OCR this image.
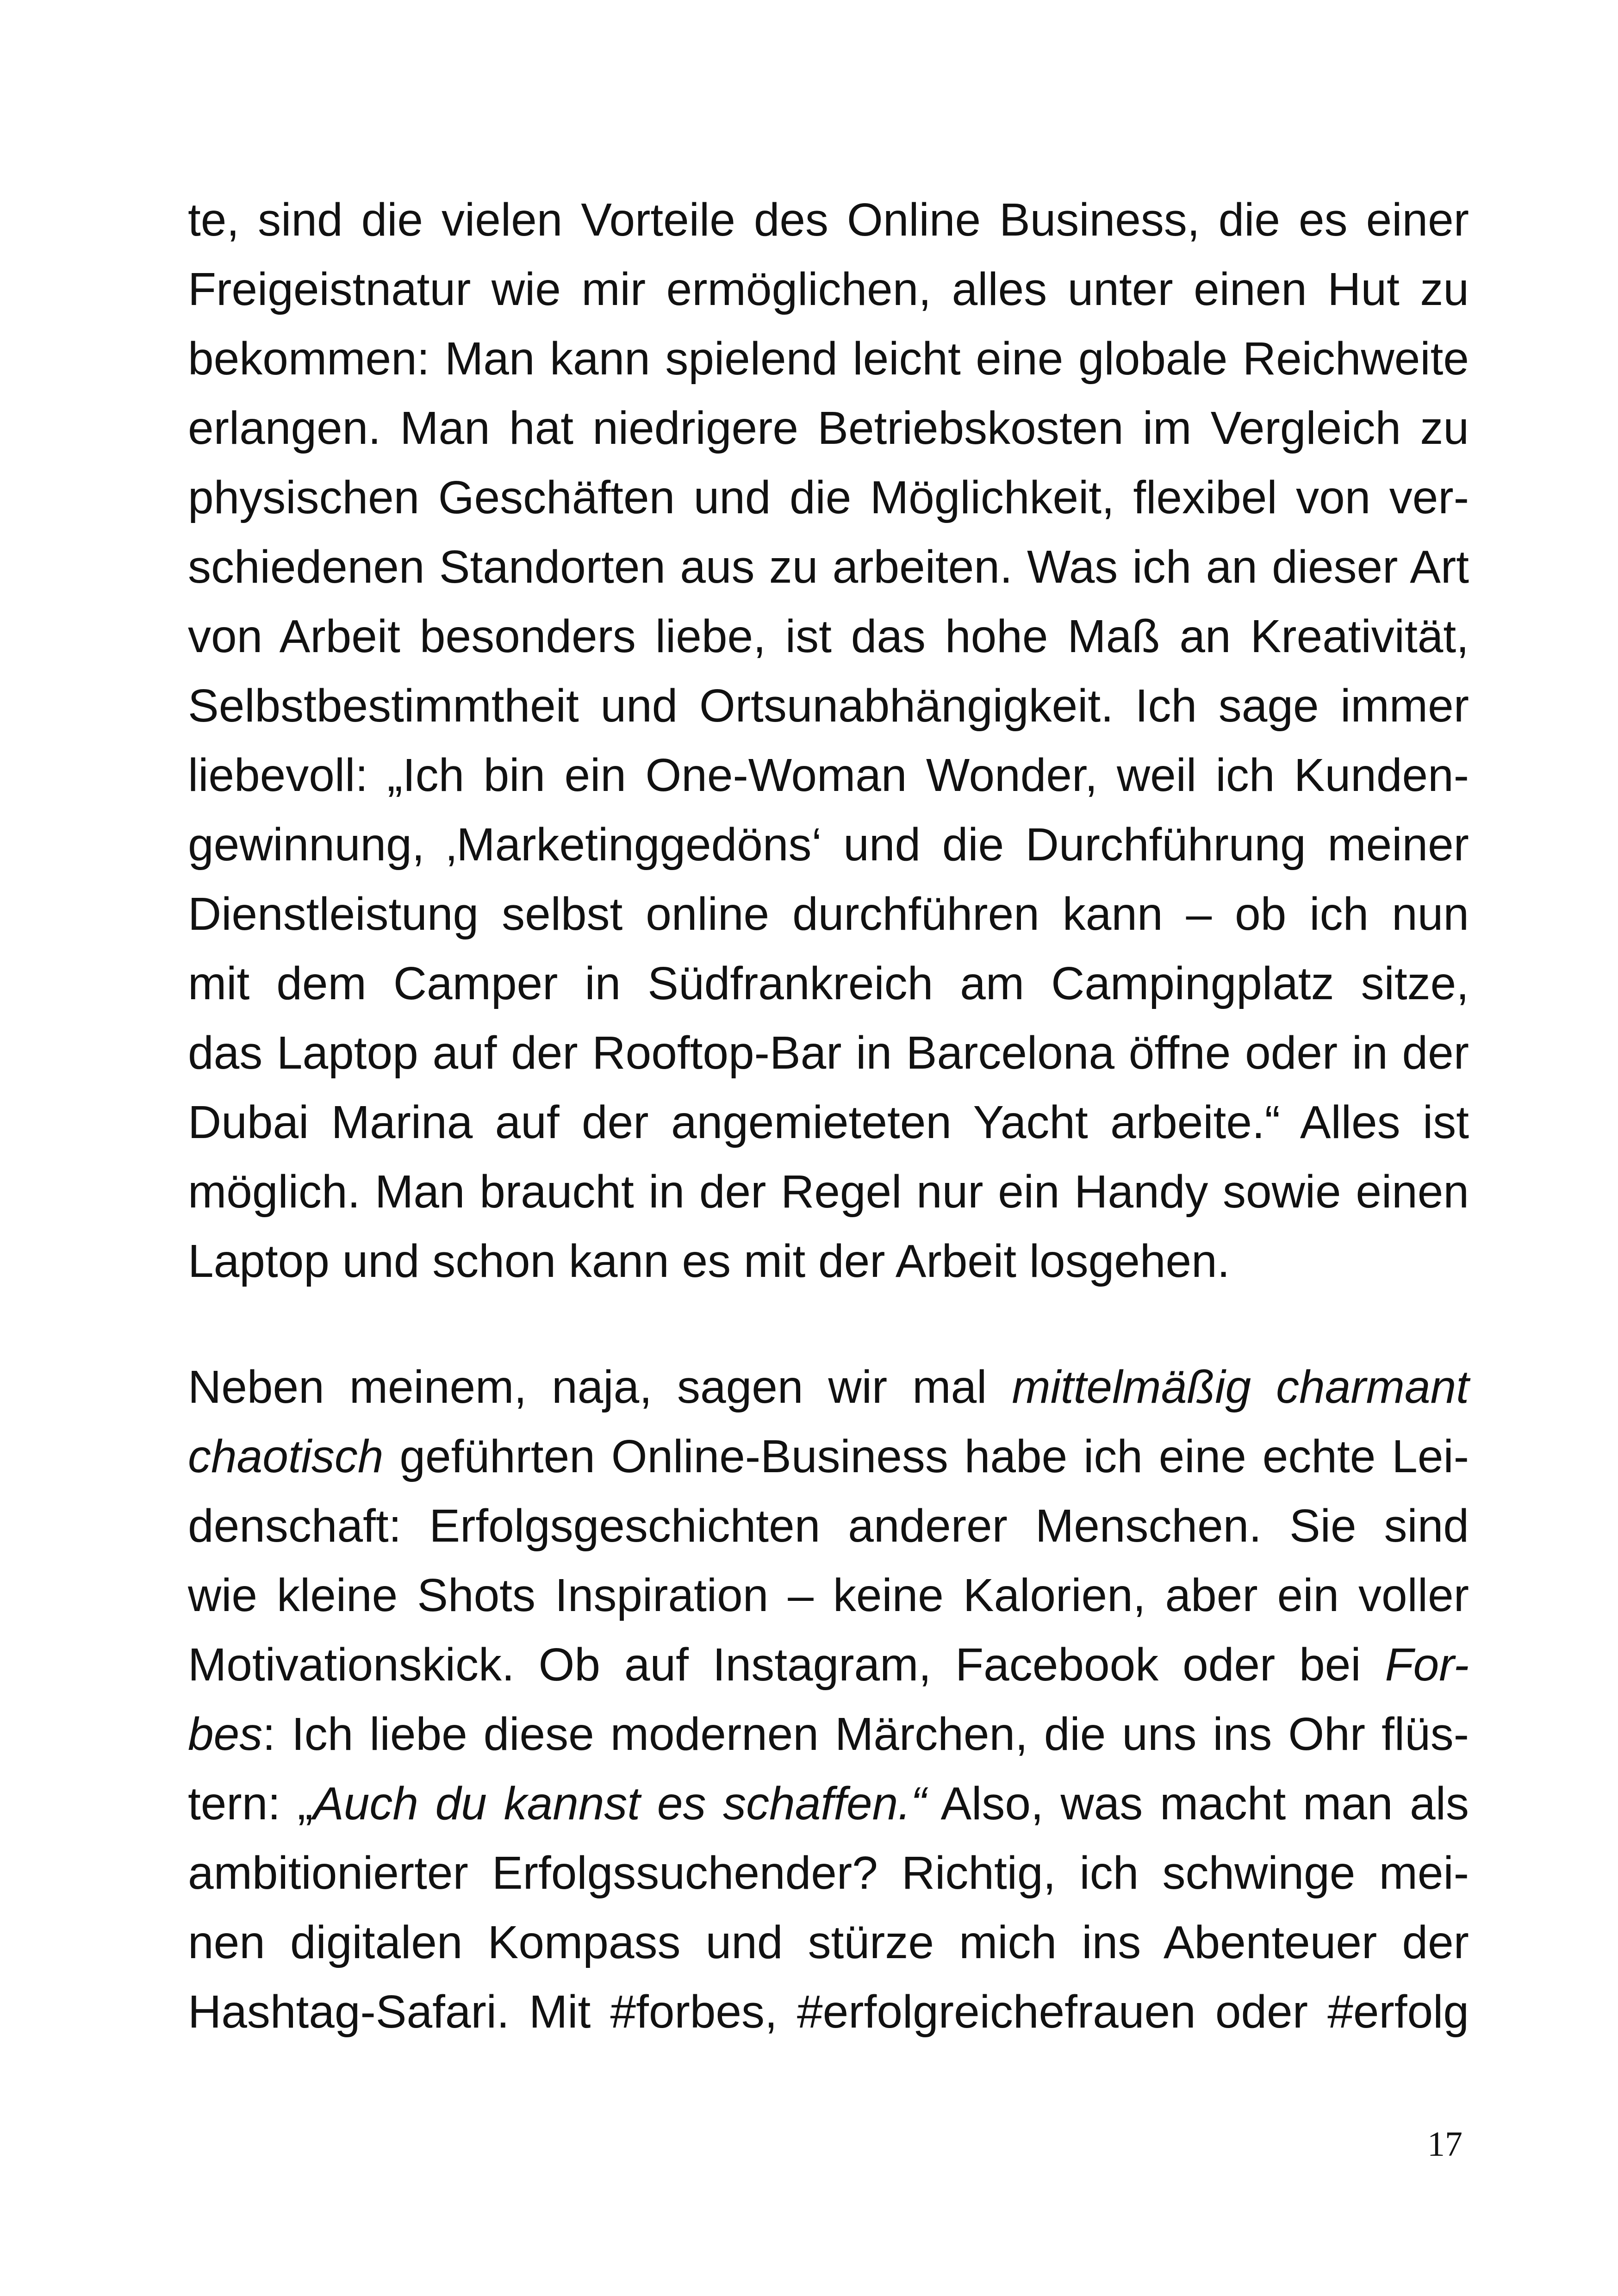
te, sind die vielen Vorteile des Online Business, die es einer
Freigeistnatur wie mir ermöglichen, alles unter einen Hut zu
bekommen: Man kann spielend leicht eine globale Reichweite
erlangen. Man hat niedrigere Betriebskosten im Vergleich zu
physischen Geschäften und die Möglichkeit, flexibel von ver-
schiedenen Standorten aus zu arbeiten. Was ich an dieser Art
von Arbeit besonders liebe, ist das hohe Maß an Kreativität,
Selbstbestimmtheit und Ortsunabhängigkeit. Ich sage immer
liebevoll: „Ich bin ein One-Woman Wonder, weil ich Kunden-
gewinnung, ‚Marketinggedöns‘ und die Durchführung meiner
Dienstleistung selbst online durchführen kann – ob ich nun
mit dem Camper in Südfrankreich am Campingplatz sitze,
das Laptop auf der Rooftop-Bar in Barcelona öffne oder in der
Dubai Marina auf der angemieteten Yacht arbeite.“ Alles ist
möglich. Man braucht in der Regel nur ein Handy sowie einen
Laptop und schon kann es mit der Arbeit losgehen.
Neben meinem, naja, sagen wir mal mittelmäßig charmant
chaotisch geführten Online-Business habe ich eine echte Lei-
denschaft: Erfolgsgeschichten anderer Menschen. Sie sind
wie kleine Shots Inspiration – keine Kalorien, aber ein voller
Motivationskick. Ob auf Instagram, Facebook oder bei For-
bes: Ich liebe diese modernen Märchen, die uns ins Ohr flüs-
tern: „Auch du kannst es schaffen.“ Also, was macht man als
ambitionierter Erfolgssuchender? Richtig, ich schwinge mei-
nen digitalen Kompass und stürze mich ins Abenteuer der
Hashtag-Safari. Mit #forbes, #erfolgreichefrauen oder #erfolg
17
